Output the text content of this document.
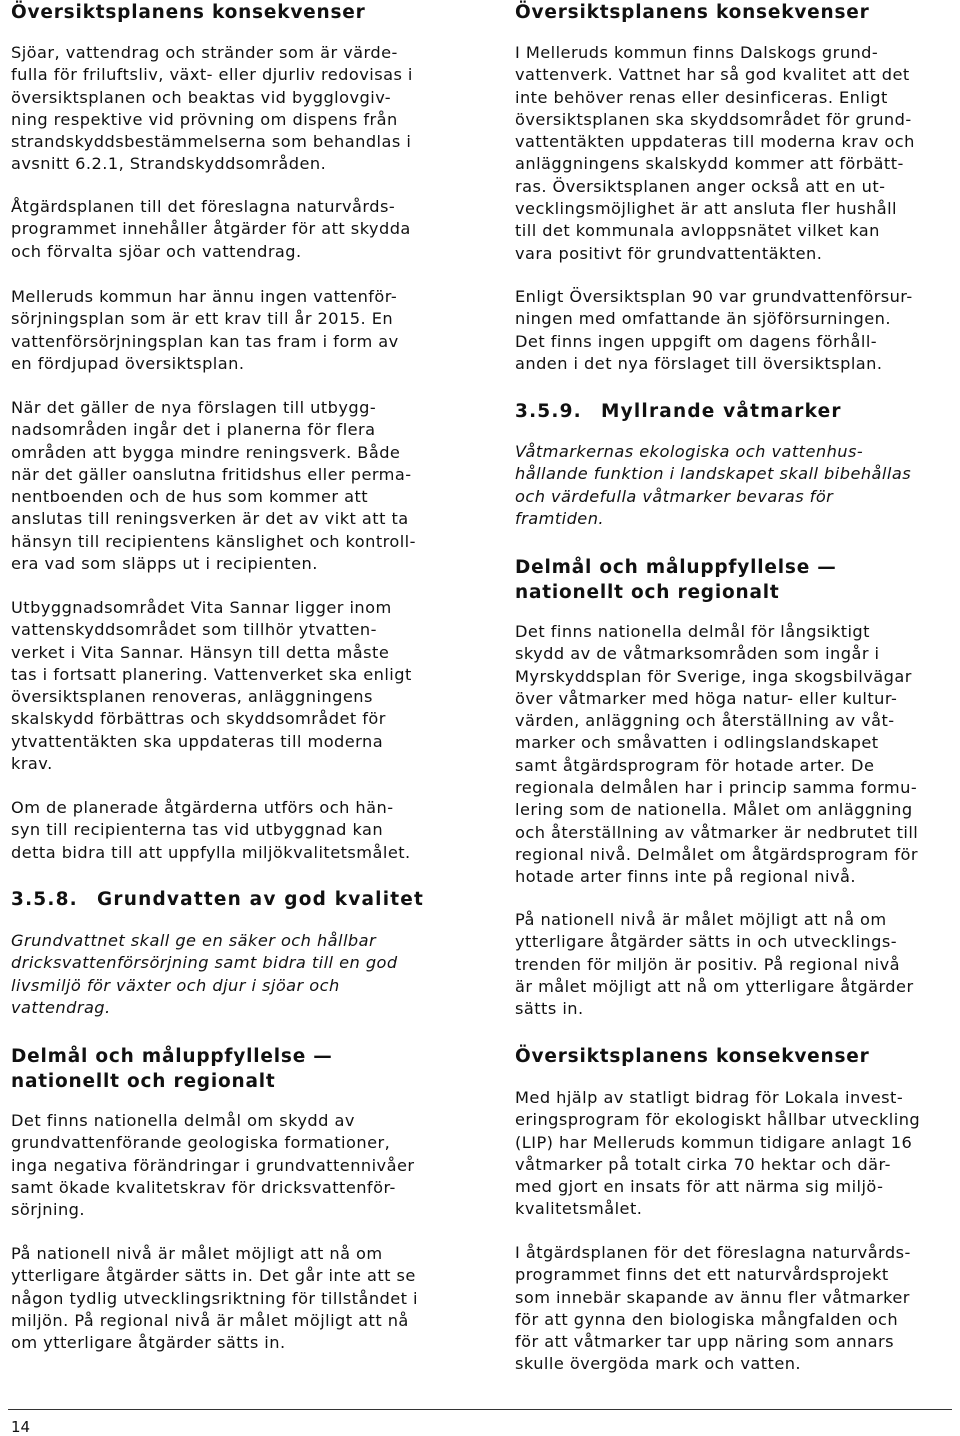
Översiktsplanens konsekvenser

Sjöar, vattendrag och stränder som är värde-
fulla för friluftsliv, växt- eller djurliv redovisas i
översiktsplanen och beaktas vid bygglovgiv-
ning respektive vid prövning om dispens från
strandskyddsbestämmelserna som behandlas i
avsnitt 6.2.1, Strandskyddsområden.

Åtgärdsplanen till det föreslagna naturvårds-
programmet innehåller åtgärder för att skydda
och förvalta sjöar och vattendrag.

Melleruds kommun har ännu ingen vattenför-
sörjningsplan som är ett krav till år 2015. En
vattenförsörjningsplan kan tas fram i form av
en fördjupad översiktsplan.

När det gäller de nya förslagen till utbygg-
nadsområden ingår det i planerna för flera
områden att bygga mindre reningsverk. Både
när det gäller oanslutna fritidshus eller perma-
nentboenden och de hus som kommer att
anslutas till reningsverken är det av vikt att ta
hänsyn till recipientens känslighet och kontroll-
era vad som släpps ut i recipienten.

Utbyggnadsområdet Vita Sannar ligger inom
vattenskyddsområdet som tillhör ytvatten-
verket i Vita Sannar. Hänsyn till detta måste
tas i fortsatt planering. Vattenverket ska enligt
översiktsplanen renoveras, anläggningens
skalskydd förbättras och skyddsområdet för
ytvattentäkten ska uppdateras till moderna
krav.

Om de planerade åtgärderna utförs och hän-
syn till recipienterna tas vid utbyggnad kan
detta bidra till att uppfylla miljökvalitetsmålet.

3.5.8. Grundvatten av god kvalitet

Grundvattnet skall ge en säker och hållbar
dricksvattenförsörjning samt bidra till en god
livsmiljö för växter och djur i sjöar och
vattendrag.

Delmål och måluppfyllelse —
nationellt och regionalt

Det finns nationella delmål om skydd av
grundvattenförande geologiska formationer,
inga negativa förändringar i grundvattennivåer
samt ökade kvalitetskrav för dricksvattenför-
sörjning.

På nationell nivå är målet möjligt att nå om
ytterligare åtgärder sätts in. Det går inte att se
någon tydlig utvecklingsriktning för tillståndet i
miljön. På regional nivå är målet möjligt att nå
om ytterligare åtgärder sätts in.

Översiktsplanens konsekvenser

I Melleruds kommun finns Dalskogs grund-
vattenverk. Vattnet har så god kvalitet att det
inte behöver renas eller desinficeras. Enligt
översiktsplanen ska skyddsområdet för grund-
vattentäkten uppdateras till moderna krav och
anläggningens skalskydd kommer att förbätt-
ras. Översiktsplanen anger också att en ut-
vecklingsmöjlighet är att ansluta fler hushåll
till det kommunala avloppsnätet vilket kan
vara positivt för grundvattentäkten.

Enligt Översiktsplan 90 var grundvattenförsur-
ningen med omfattande än sjöförsurningen.
Det finns ingen uppgift om dagens förhåll-
anden i det nya förslaget till översiktsplan.

3.5.9. Myllrande våtmarker

Våtmarkernas ekologiska och vattenhus-
hållande funktion i landskapet skall bibehållas
och värdefulla våtmarker bevaras för
framtiden.

Delmål och måluppfyllelse —
nationellt och regionalt

Det finns nationella delmål för långsiktigt
skydd av de våtmarksområden som ingår i
Myrskyddsplan för Sverige, inga skogsbilvägar
över våtmarker med höga natur- eller kultur-
värden, anläggning och återställning av våt-
marker och småvatten i odlingslandskapet
samt åtgärdsprogram för hotade arter. De
regionala delmålen har i princip samma formu-
lering som de nationella. Målet om anläggning
och återställning av våtmarker är nedbrutet till
regional nivå. Delmålet om åtgärdsprogram för
hotade arter finns inte på regional nivå.

På nationell nivå är målet möjligt att nå om
ytterligare åtgärder sätts in och utvecklings-
trenden för miljön är positiv. På regional nivå
är målet möjligt att nå om ytterligare åtgärder
sätts in.

Översiktsplanens konsekvenser

Med hjälp av statligt bidrag för Lokala invest-
eringsprogram för ekologiskt hållbar utveckling
(LIP) har Melleruds kommun tidigare anlagt 16
våtmarker på totalt cirka 70 hektar och där-
med gjort en insats för att närma sig miljö-
kvalitetsmålet.

I åtgärdsplanen för det föreslagna naturvårds-
programmet finns det ett naturvårdsprojekt
som innebär skapande av ännu fler våtmarker
för att gynna den biologiska mångfalden och
för att våtmarker tar upp näring som annars
skulle övergöda mark och vatten.

14
